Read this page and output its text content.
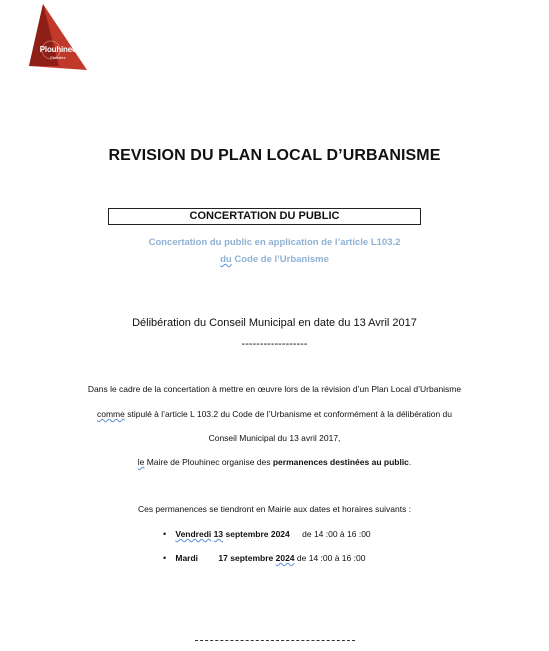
Plouhinec
Finistère
REVISION DU PLAN LOCAL D’URBANISME
CONCERTATION DU PUBLIC
Concertation du public en application de l’article L103.2
du Code de l’Urbanisme
Délibération du Conseil Municipal en date du 13 Avril 2017
------------------
Dans le cadre de la concertation à mettre en œuvre lors de la révision d’un Plan Local d’Urbanisme
comme stipulé à l’article L 103.2 du Code de l’Urbanisme et conformément à la délibération du
Conseil Municipal du 13 avril 2017,
le Maire de Plouhinec organise des permanences destinées au public.
Ces permanences se tiendront en Mairie aux dates et horaires suivants :
• Vendredi 13 septembre 2024 de 14 :00 à 16 :00
• Mardi 17 septembre 2024 de 14 :00 à 16 :00
